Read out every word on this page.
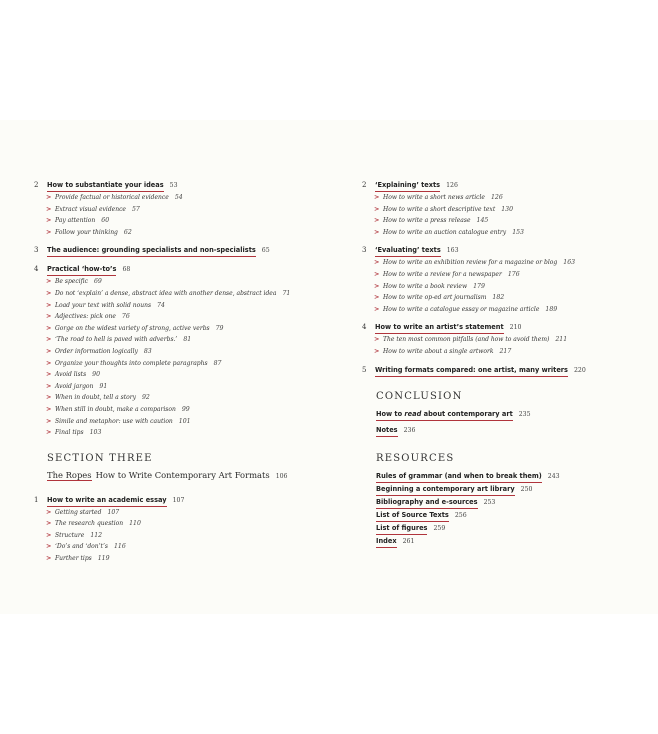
2	How to substantiate your ideas 53
> Provide factual or historical evidence 54
> Extract visual evidence 57
> Pay attention 60
> Follow your thinking 62
3	The audience: grounding specialists and non-specialists 65
4	Practical ‘how-to’s 68
> Be specific 69
> Do not ‘explain’ a dense, abstract idea with another dense, abstract idea 71
> Load your text with solid nouns 74
> Adjectives: pick one 76
> Gorge on the widest variety of strong, active verbs 79
> ‘The road to hell is paved with adverbs.’ 81
> Order information logically 83
> Organize your thoughts into complete paragraphs 87
> Avoid lists 90
> Avoid jargon 91
> When in doubt, tell a story 92
> When still in doubt, make a comparison 99
> Simile and metaphor: use with caution 101
> Final tips 103
SECTION THREE
The Ropes How to Write Contemporary Art Formats 106
1	How to write an academic essay 107
> Getting started 107
> The research question 110
> Structure 112
> ‘Do’s and ‘don’t’s 116
> Further tips 119
2	‘Explaining’ texts 126
> How to write a short news article 126
> How to write a short descriptive text 130
> How to write a press release 145
> How to write an auction catalogue entry 153
3	‘Evaluating’ texts 163
> How to write an exhibition review for a magazine or blog 163
> How to write a review for a newspaper 176
> How to write a book review 179
> How to write op-ed art journalism 182
> How to write a catalogue essay or magazine article 189
4	How to write an artist’s statement 210
> The ten most common pitfalls (and how to avoid them) 211
> How to write about a single artwork 217
5	Writing formats compared: one artist, many writers 220
CONCLUSION
How to read about contemporary art 235
Notes 236
RESOURCES
Rules of grammar (and when to break them) 243
Beginning a contemporary art library 250
Bibliography and e-sources 253
List of Source Texts 256
List of figures 259
Index 261
